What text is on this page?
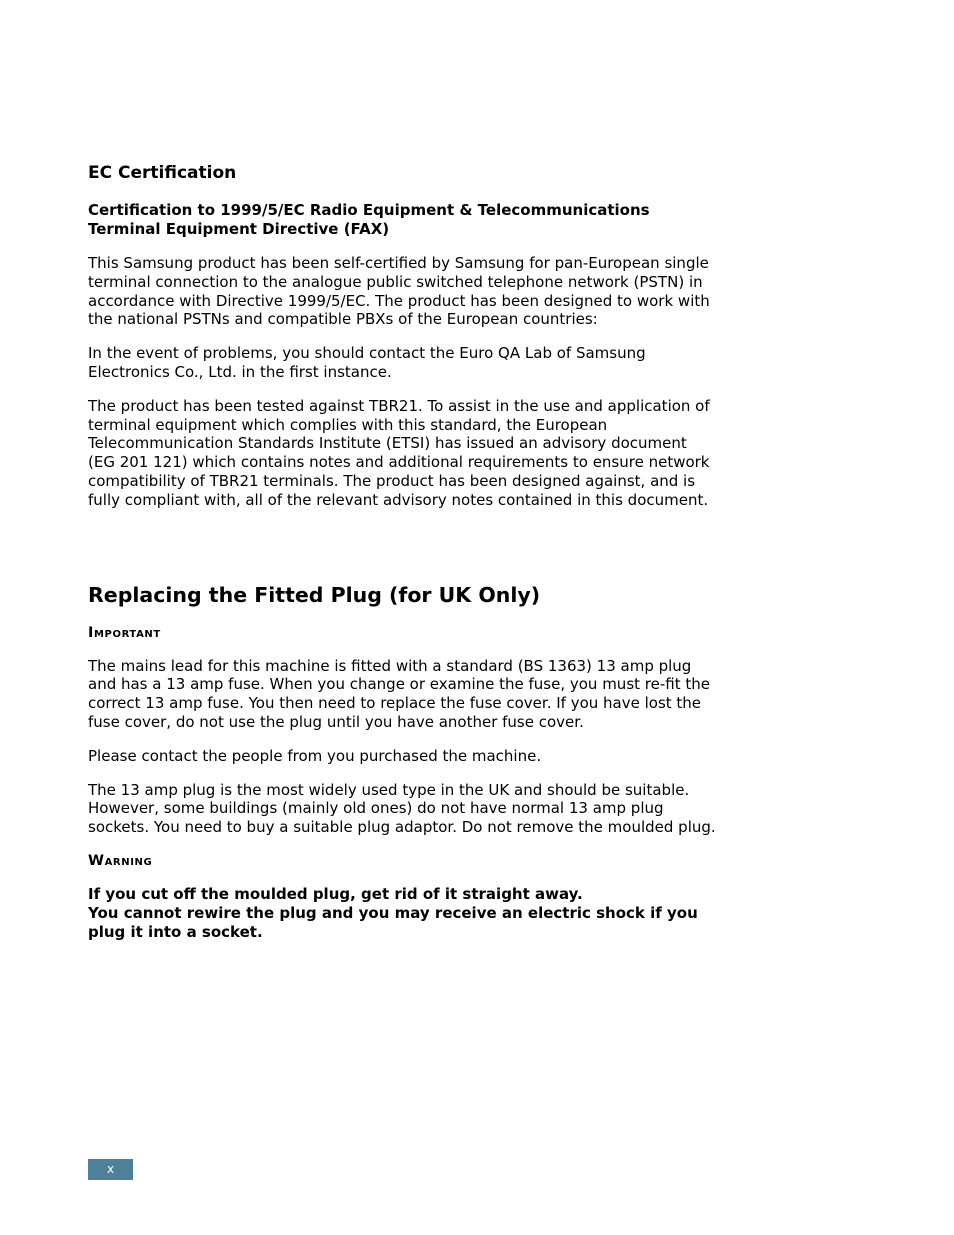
EC Certification
Certification to 1999/5/EC Radio Equipment & Telecommunications Terminal Equipment Directive (FAX)

This Samsung product has been self-certified by Samsung for pan-European single terminal connection to the analogue public switched telephone network (PSTN) in accordance with Directive 1999/5/EC. The product has been designed to work with the national PSTNs and compatible PBXs of the European countries:

In the event of problems, you should contact the Euro QA Lab of Samsung Electronics Co., Ltd. in the first instance.

The product has been tested against TBR21. To assist in the use and application of terminal equipment which complies with this standard, the European Telecommunication Standards Institute (ETSI) has issued an advisory document (EG 201 121) which contains notes and additional requirements to ensure network compatibility of TBR21 terminals. The product has been designed against, and is fully compliant with, all of the relevant advisory notes contained in this document.

Replacing the Fitted Plug (for UK Only)
Important

The mains lead for this machine is fitted with a standard (BS 1363) 13 amp plug and has a 13 amp fuse. When you change or examine the fuse, you must re-fit the correct 13 amp fuse. You then need to replace the fuse cover. If you have lost the fuse cover, do not use the plug until you have another fuse cover.

Please contact the people from you purchased the machine.

The 13 amp plug is the most widely used type in the UK and should be suitable. However, some buildings (mainly old ones) do not have normal 13 amp plug sockets. You need to buy a suitable plug adaptor. Do not remove the moulded plug.

Warning

If you cut off the moulded plug, get rid of it straight away.

You cannot rewire the plug and you may receive an electric shock if you plug it into a socket.

x
